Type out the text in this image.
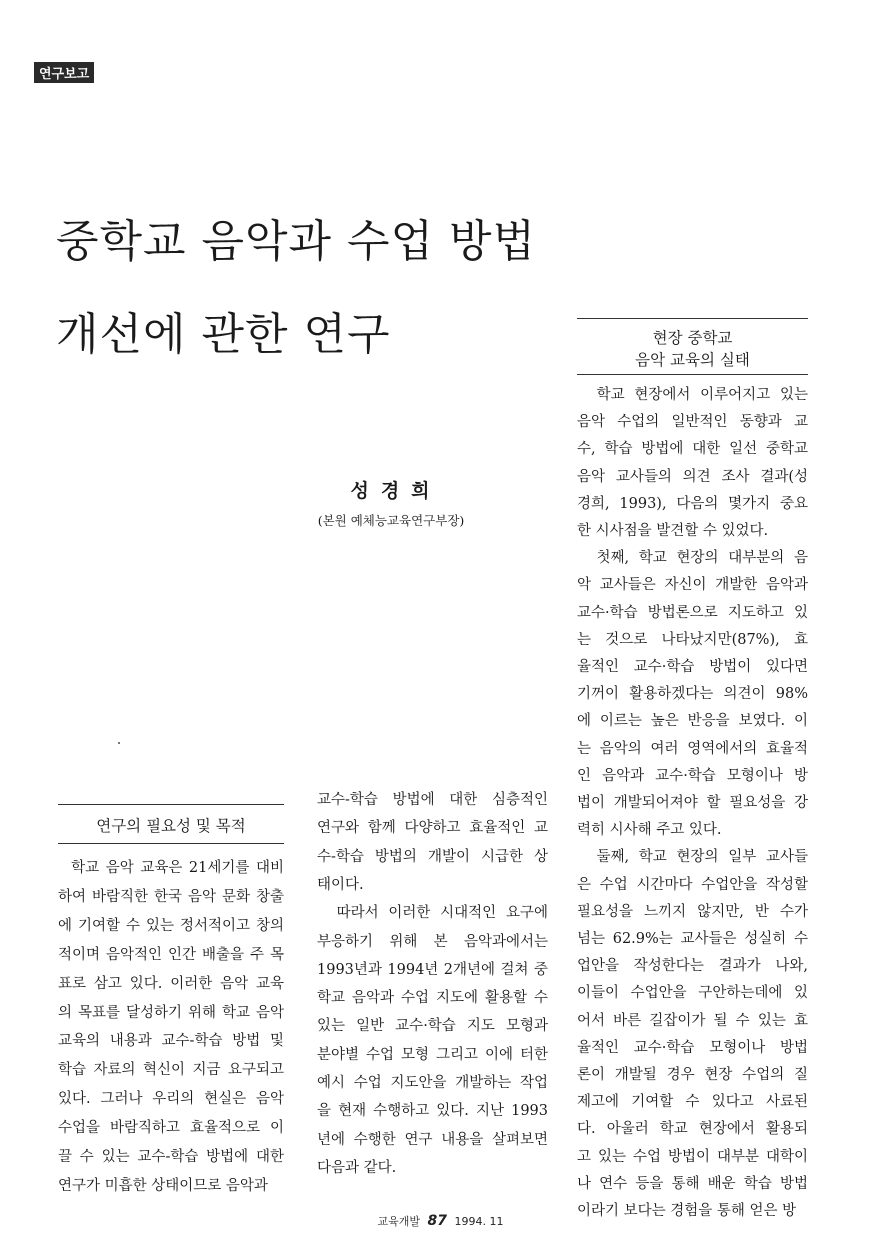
연구보고
중학교 음악과 수업 방법
개선에 관한 연구
성경희
(본원 예체능교육연구부장)
연구의 필요성 및 목적
학교 음악 교육은 21세기를 대비
하여 바람직한 한국 음악 문화 창출
에 기여할 수 있는 정서적이고 창의
적이며 음악적인 인간 배출을 주 목
표로 삼고 있다. 이러한 음악 교육
의 목표를 달성하기 위해 학교 음악
교육의 내용과 교수-학습 방법 및
학습 자료의 혁신이 지금 요구되고
있다. 그러나 우리의 현실은 음악
수업을 바람직하고 효율적으로 이
끌 수 있는 교수-학습 방법에 대한
연구가 미흡한 상태이므로 음악과
교수-학습 방법에 대한 심층적인
연구와 함께 다양하고 효율적인 교
수-학습 방법의 개발이 시급한 상
태이다.
따라서 이러한 시대적인 요구에
부응하기 위해 본 음악과에서는
1993년과 1994년 2개년에 걸쳐 중
학교 음악과 수업 지도에 활용할 수
있는 일반 교수·학습 지도 모형과
분야별 수업 모형 그리고 이에 터한
예시 수업 지도안을 개발하는 작업
을 현재 수행하고 있다. 지난 1993
년에 수행한 연구 내용을 살펴보면
다음과 같다.
현장 중학교
음악 교육의 실태
학교 현장에서 이루어지고 있는
음악 수업의 일반적인 동향과 교
수, 학습 방법에 대한 일선 중학교
음악 교사들의 의견 조사 결과(성
경희, 1993), 다음의 몇가지 중요
한 시사점을 발견할 수 있었다.
첫째, 학교 현장의 대부분의 음
악 교사들은 자신이 개발한 음악과
교수·학습 방법론으로 지도하고 있
는 것으로 나타났지만(87%), 효
율적인 교수·학습 방법이 있다면
기꺼이 활용하겠다는 의견이 98%
에 이르는 높은 반응을 보였다. 이
는 음악의 여러 영역에서의 효율적
인 음악과 교수·학습 모형이나 방
법이 개발되어져야 할 필요성을 강
력히 시사해 주고 있다.
둘째, 학교 현장의 일부 교사들
은 수업 시간마다 수업안을 작성할
필요성을 느끼지 않지만, 반 수가
넘는 62.9%는 교사들은 성실히 수
업안을 작성한다는 결과가 나와,
이들이 수업안을 구안하는데에 있
어서 바른 길잡이가 될 수 있는 효
율적인 교수·학습 모형이나 방법
론이 개발될 경우 현장 수업의 질
제고에 기여할 수 있다고 사료된
다. 아울러 학교 현장에서 활용되
고 있는 수업 방법이 대부분 대학이
나 연수 등을 통해 배운 학습 방법
이라기 보다는 경험을 통해 얻은 방
교육개발 87 1994. 11
